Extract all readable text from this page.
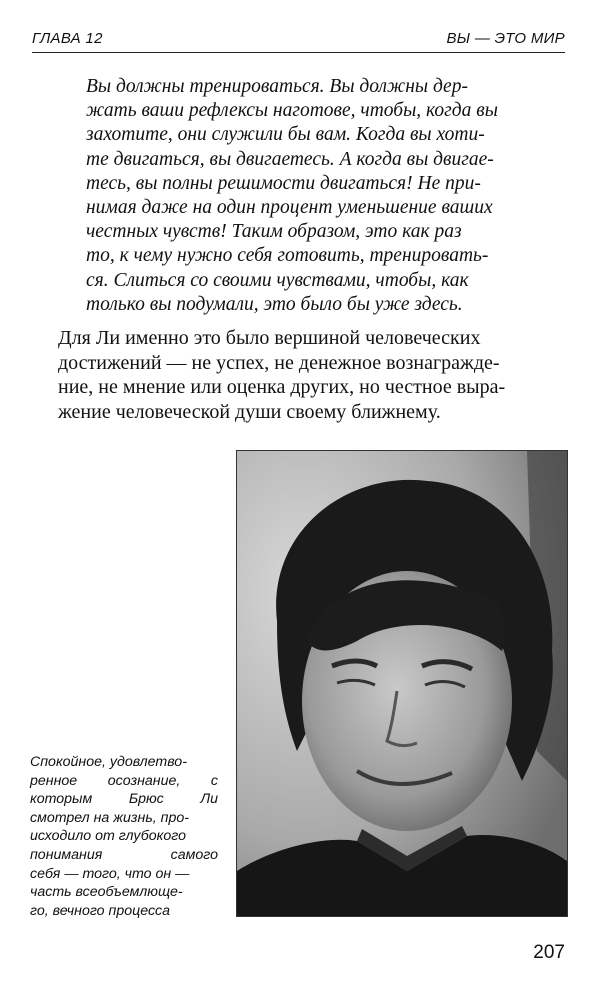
ГЛАВА 12	ВЫ — ЭТО МИР
Вы должны тренироваться. Вы должны дер-
жать ваши рефлексы наготове, чтобы, когда вы
захотите, они служили бы вам. Когда вы хоти-
те двигаться, вы двигаетесь. А когда вы двигае-
тесь, вы полны решимости двигаться! Не при-
нимая даже на один процент уменьшение ваших
честных чувств! Таким образом, это как раз
то, к чему нужно себя готовить, тренировать-
ся. Слиться со своими чувствами, чтобы, как
только вы подумали, это было бы уже здесь.
Для Ли именно это было вершиной человеческих
достижений — не успех, не денежное вознагражде-
ние, не мнение или оценка других, но честное выра-
жение человеческой души своему ближнему.
Спокойное, удовлетво-
ренное осознание, с
которым Брюс Ли
смотрел на жизнь, про-
исходило от глубокого
понимания самого
себя — того, что он —
часть всеобъемлюще-
го, вечного процесса
207
